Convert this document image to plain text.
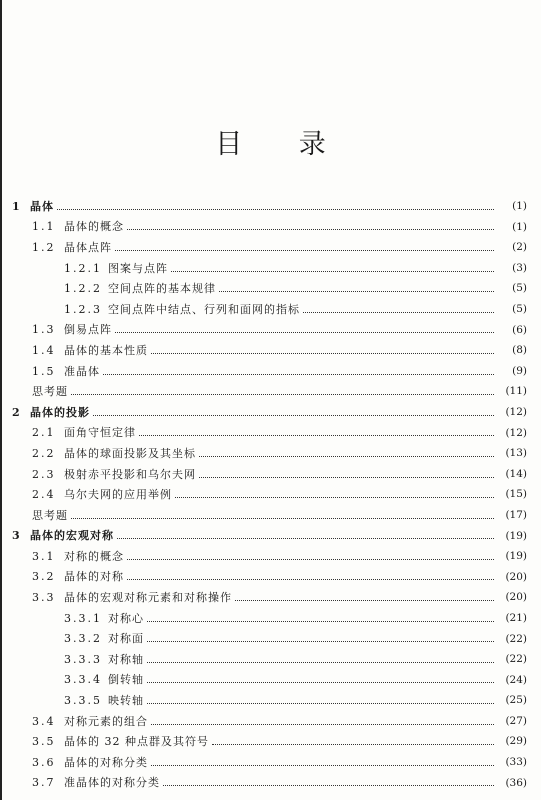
目 录
1 晶体	(1)
1.1 晶体的概念	(1)
1.2 晶体点阵	(2)
1.2.1 图案与点阵	(3)
1.2.2 空间点阵的基本规律	(5)
1.2.3 空间点阵中结点、行列和面网的指标	(5)
1.3 倒易点阵	(6)
1.4 晶体的基本性质	(8)
1.5 准晶体	(9)
思考题	(11)
2 晶体的投影	(12)
2.1 面角守恒定律	(12)
2.2 晶体的球面投影及其坐标	(13)
2.3 极射赤平投影和乌尔夫网	(14)
2.4 乌尔夫网的应用举例	(15)
思考题	(17)
3 晶体的宏观对称	(19)
3.1 对称的概念	(19)
3.2 晶体的对称	(20)
3.3 晶体的宏观对称元素和对称操作	(20)
3.3.1 对称心	(21)
3.3.2 对称面	(22)
3.3.3 对称轴	(22)
3.3.4 倒转轴	(24)
3.3.5 映转轴	(25)
3.4 对称元素的组合	(27)
3.5 晶体的 32 种点群及其符号	(29)
3.6 晶体的对称分类	(33)
3.7 准晶体的对称分类	(36)
